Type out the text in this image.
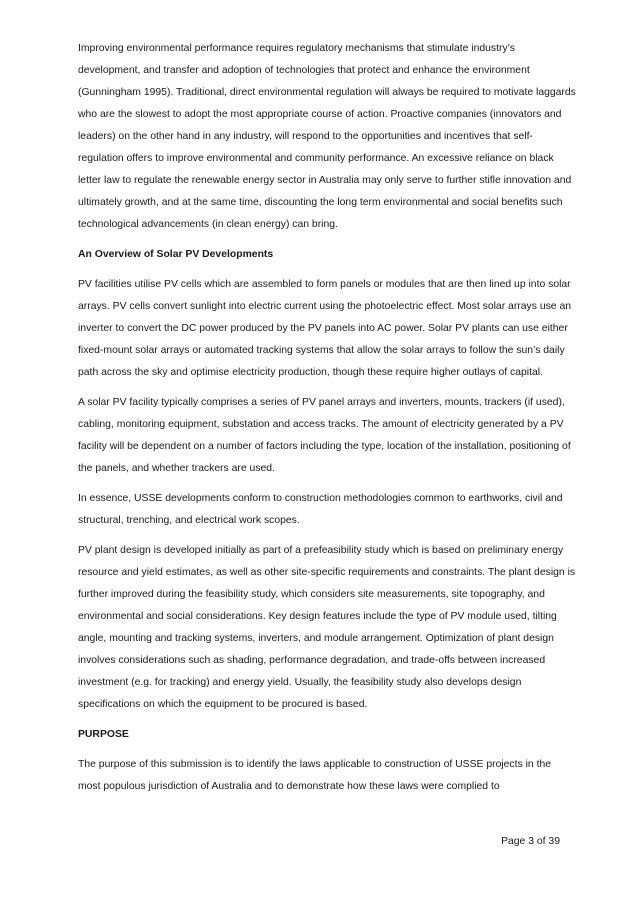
Improving environmental performance requires regulatory mechanisms that stimulate industry’s development, and transfer and adoption of technologies that protect and enhance the environment (Gunningham 1995). Traditional, direct environmental regulation will always be required to motivate laggards who are the slowest to adopt the most appropriate course of action. Proactive companies (innovators and leaders) on the other hand in any industry, will respond to the opportunities and incentives that self-regulation offers to improve environmental and community performance. An excessive reliance on black letter law to regulate the renewable energy sector in Australia may only serve to further stifle innovation and ultimately growth, and at the same time, discounting the long term environmental and social benefits such technological advancements (in clean energy) can bring.

An Overview of Solar PV Developments

PV facilities utilise PV cells which are assembled to form panels or modules that are then lined up into solar arrays. PV cells convert sunlight into electric current using the photoelectric effect. Most solar arrays use an inverter to convert the DC power produced by the PV panels into AC power. Solar PV plants can use either fixed-mount solar arrays or automated tracking systems that allow the solar arrays to follow the sun’s daily path across the sky and optimise electricity production, though these require higher outlays of capital.

A solar PV facility typically comprises a series of PV panel arrays and inverters, mounts, trackers (if used), cabling, monitoring equipment, substation and access tracks. The amount of electricity generated by a PV facility will be dependent on a number of factors including the type, location of the installation, positioning of the panels, and whether trackers are used.

In essence, USSE developments conform to construction methodologies common to earthworks, civil and structural, trenching, and electrical work scopes.

PV plant design is developed initially as part of a prefeasibility study which is based on preliminary energy resource and yield estimates, as well as other site-specific requirements and constraints. The plant design is further improved during the feasibility study, which considers site measurements, site topography, and environmental and social considerations. Key design features include the type of PV module used, tilting angle, mounting and tracking systems, inverters, and module arrangement. Optimization of plant design involves considerations such as shading, performance degradation, and trade-offs between increased investment (e.g. for tracking) and energy yield. Usually, the feasibility study also develops design specifications on which the equipment to be procured is based.

PURPOSE

The purpose of this submission is to identify the laws applicable to construction of USSE projects in the most populous jurisdiction of Australia and to demonstrate how these laws were complied to

Page 3 of 39
